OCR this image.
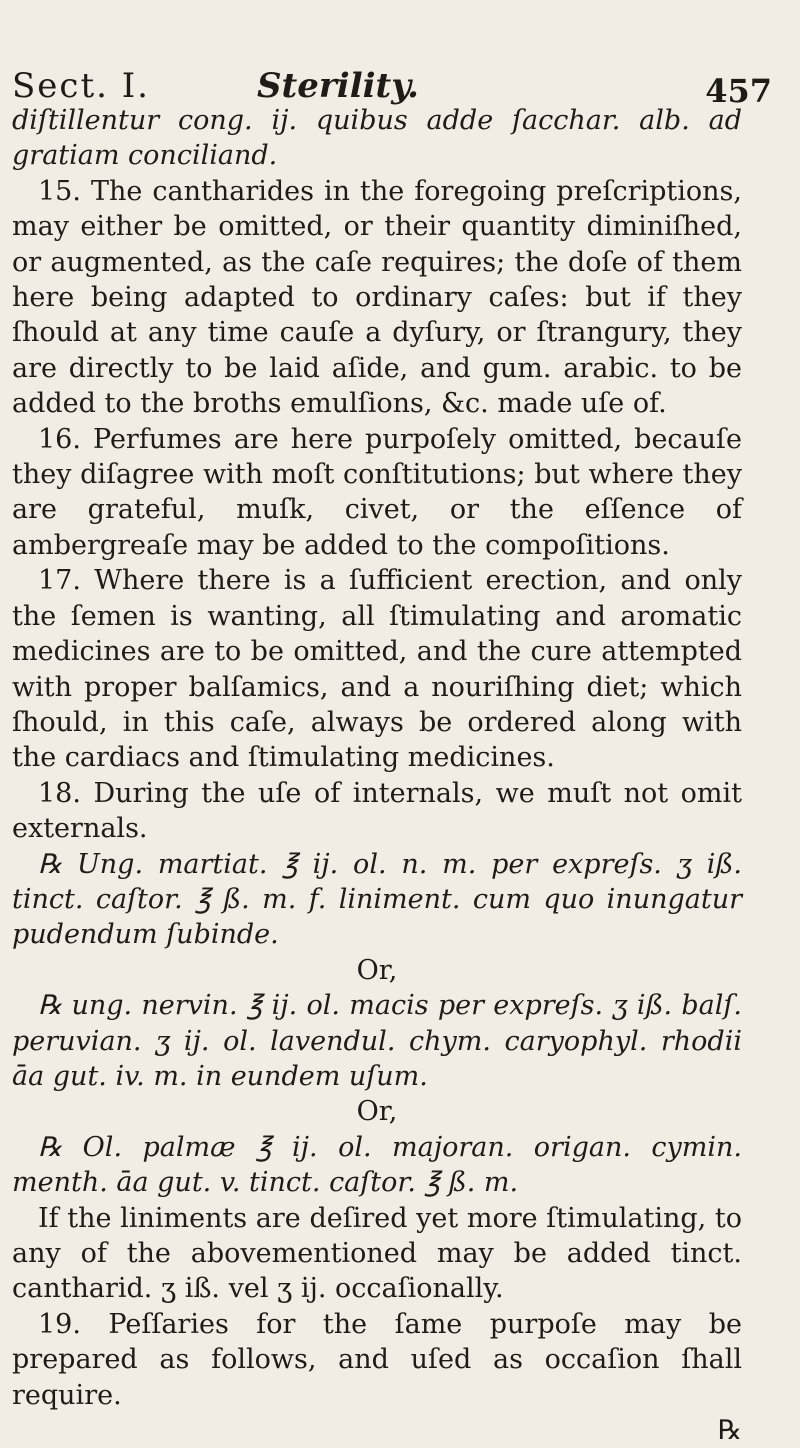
Sect. I.	Sterility.	457

diſtillentur cong. ij. quibus adde ſacchar. alb. ad gratiam conciliand.

15. The cantharides in the foregoing preſcriptions, may either be omitted, or their quantity diminiſhed, or augmented, as the caſe requires; the doſe of them here being adapted to ordinary caſes: but if they ſhould at any time cauſe a dyſury, or ſtrangury, they are directly to be laid aſide, and gum. arabic. to be added to the broths emulſions, &c. made uſe of.

16. Perfumes are here purpoſely omitted, becauſe they diſagree with moſt conſtitutions; but where they are grateful, muſk, civet, or the eſſence of ambergreaſe may be added to the compoſitions.

17. Where there is a ſufficient erection, and only the ſemen is wanting, all ſtimulating and aromatic medicines are to be omitted, and the cure attempted with proper balſamics, and a nouriſhing diet; which ſhould, in this caſe, always be ordered along with the cardiacs and ſtimulating medicines.

18. During the uſe of internals, we muſt not omit externals.

℞ Ung. martiat. ℥ ij. ol. n. m. per expreſs. ʒ iß. tinct. caſtor. ℥ ß. m. f. liniment. cum quo inungatur pudendum ſubinde.

Or,

℞ ung. nervin. ℥ ij. ol. macis per expreſs. ʒ iß. balſ. peruvian. ʒ ij. ol. lavendul. chym. caryophyl. rhodii āa gut. iv. m. in eundem uſum.

Or,

℞ Ol. palmæ ℥ ij. ol. majoran. origan. cymin. menth. āa gut. v. tinct. caſtor. ℥ ß. m.

If the liniments are deſired yet more ſtimulating, to any of the abovementioned may be added tinct. cantharid. ʒ iß. vel ʒ ij. occaſionally.

19. Peſſaries for the ſame purpoſe may be prepared as follows, and uſed as occaſion ſhall require.

℞
